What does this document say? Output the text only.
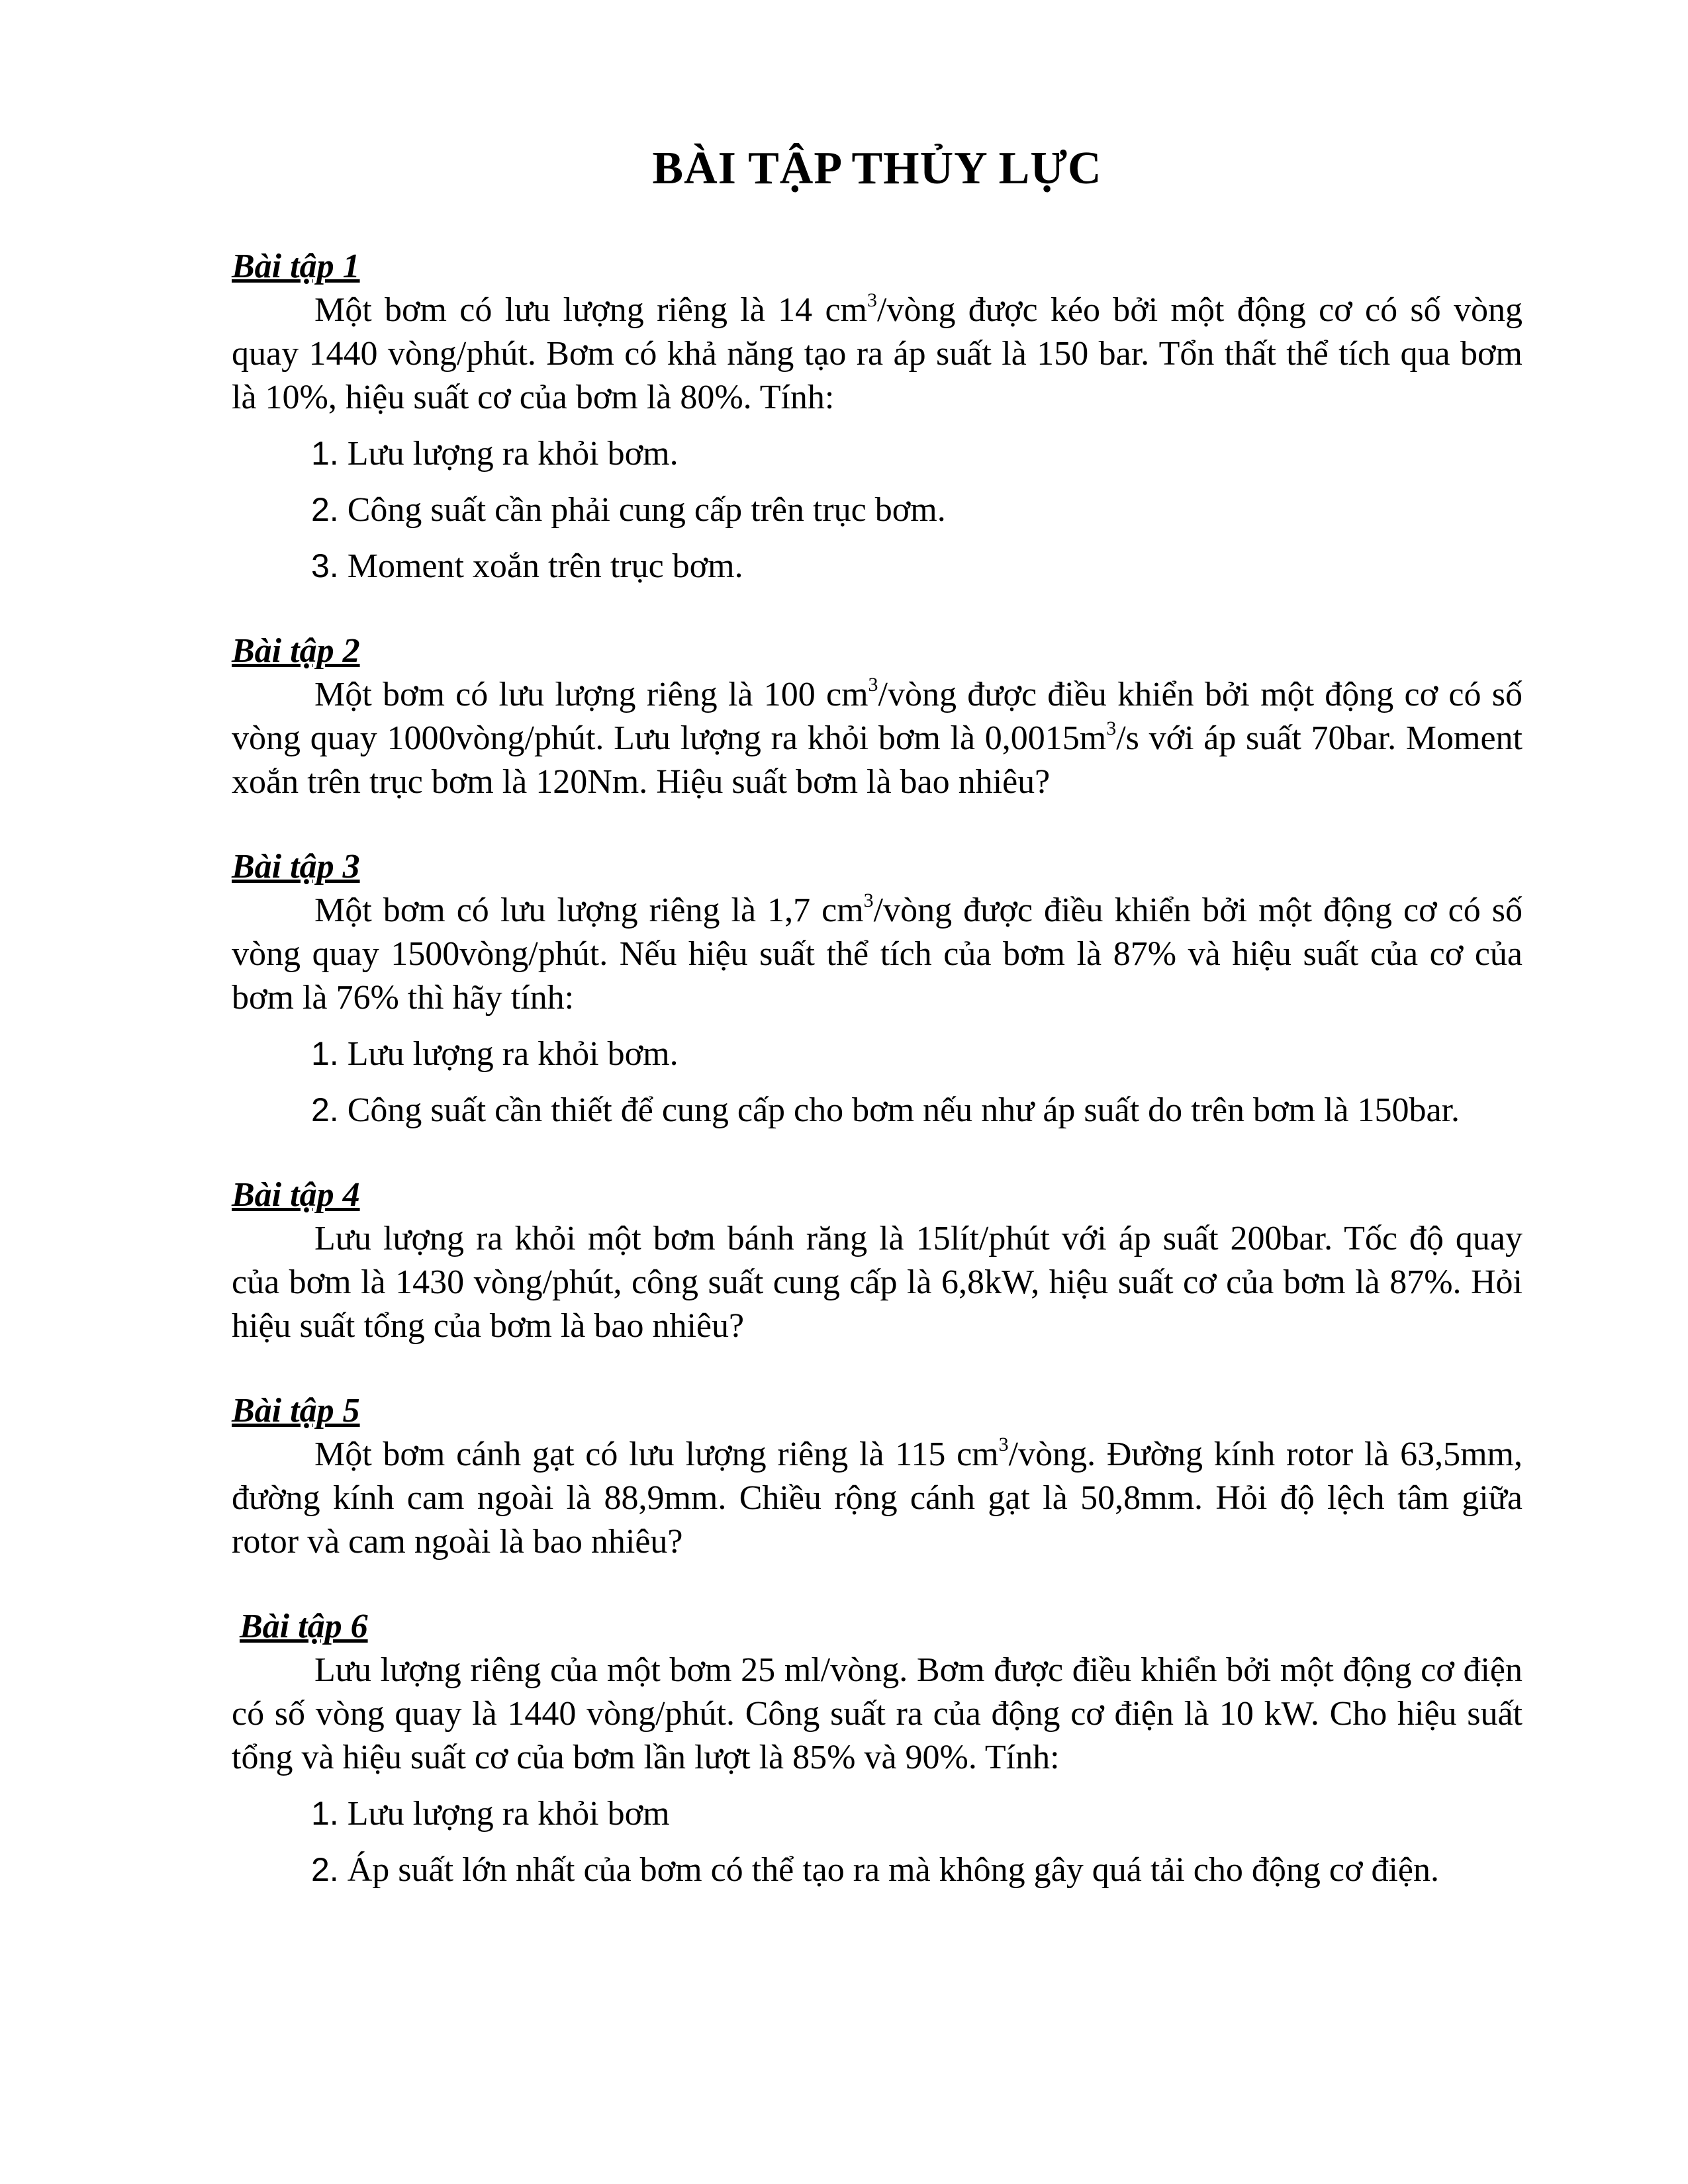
BÀI TẬP THỦY LỰC
Bài tập 1

Một bơm có lưu lượng riêng là 14 $cm^3$/vòng được kéo bởi một động cơ có số vòng quay 1440 vòng/phút. Bơm có khả năng tạo ra áp suất là 150 bar. Tổn thất thể tích qua bơm là 10%, hiệu suất cơ của bơm là 80%. Tính:

1. Lưu lượng ra khỏi bơm.

2. Công suất cần phải cung cấp trên trục bơm.

3. Moment xoắn trên trục bơm.

Bài tập 2

Một bơm có lưu lượng riêng là 100 $cm^3$/vòng được điều khiển bởi một động cơ có số vòng quay 1000vòng/phút. Lưu lượng ra khỏi bơm là $0,0015m^3/s$ với áp suất 70bar. Moment xoắn trên trục bơm là 120Nm. Hiệu suất bơm là bao nhiêu?

Bài tập 3

Một bơm có lưu lượng riêng là 1,7 $cm^3$/vòng được điều khiển bởi một động cơ có số vòng quay 1500vòng/phút. Nếu hiệu suất thể tích của bơm là 87% và hiệu suất của cơ của bơm là 76% thì hãy tính:

1. Lưu lượng ra khỏi bơm.

2. Công suất cần thiết để cung cấp cho bơm nếu như áp suất do trên bơm là 150bar.

Bài tập 4

Lưu lượng ra khỏi một bơm bánh răng là 15lít/phút với áp suất 200bar. Tốc độ quay của bơm là 1430 vòng/phút, công suất cung cấp là 6,8kW, hiệu suất cơ của bơm là 87%. Hỏi hiệu suất tổng của bơm là bao nhiêu?

Bài tập 5

Một bơm cánh gạt có lưu lượng riêng là 115 $cm^3$/vòng. Đường kính rotor là 63,5mm, đường kính cam ngoài là 88,9mm. Chiều rộng cánh gạt là 50,8mm. Hỏi độ lệch tâm giữa rotor và cam ngoài là bao nhiêu?

Bài tập 6

Lưu lượng riêng của một bơm 25 ml/vòng. Bơm được điều khiển bởi một động cơ điện có số vòng quay là 1440 vòng/phút. Công suất ra của động cơ điện là 10 kW. Cho hiệu suất tổng và hiệu suất cơ của bơm lần lượt là 85% và 90%. Tính:

1. Lưu lượng ra khỏi bơm

2. Áp suất lớn nhất của bơm có thể tạo ra mà không gây quá tải cho động cơ điện.
